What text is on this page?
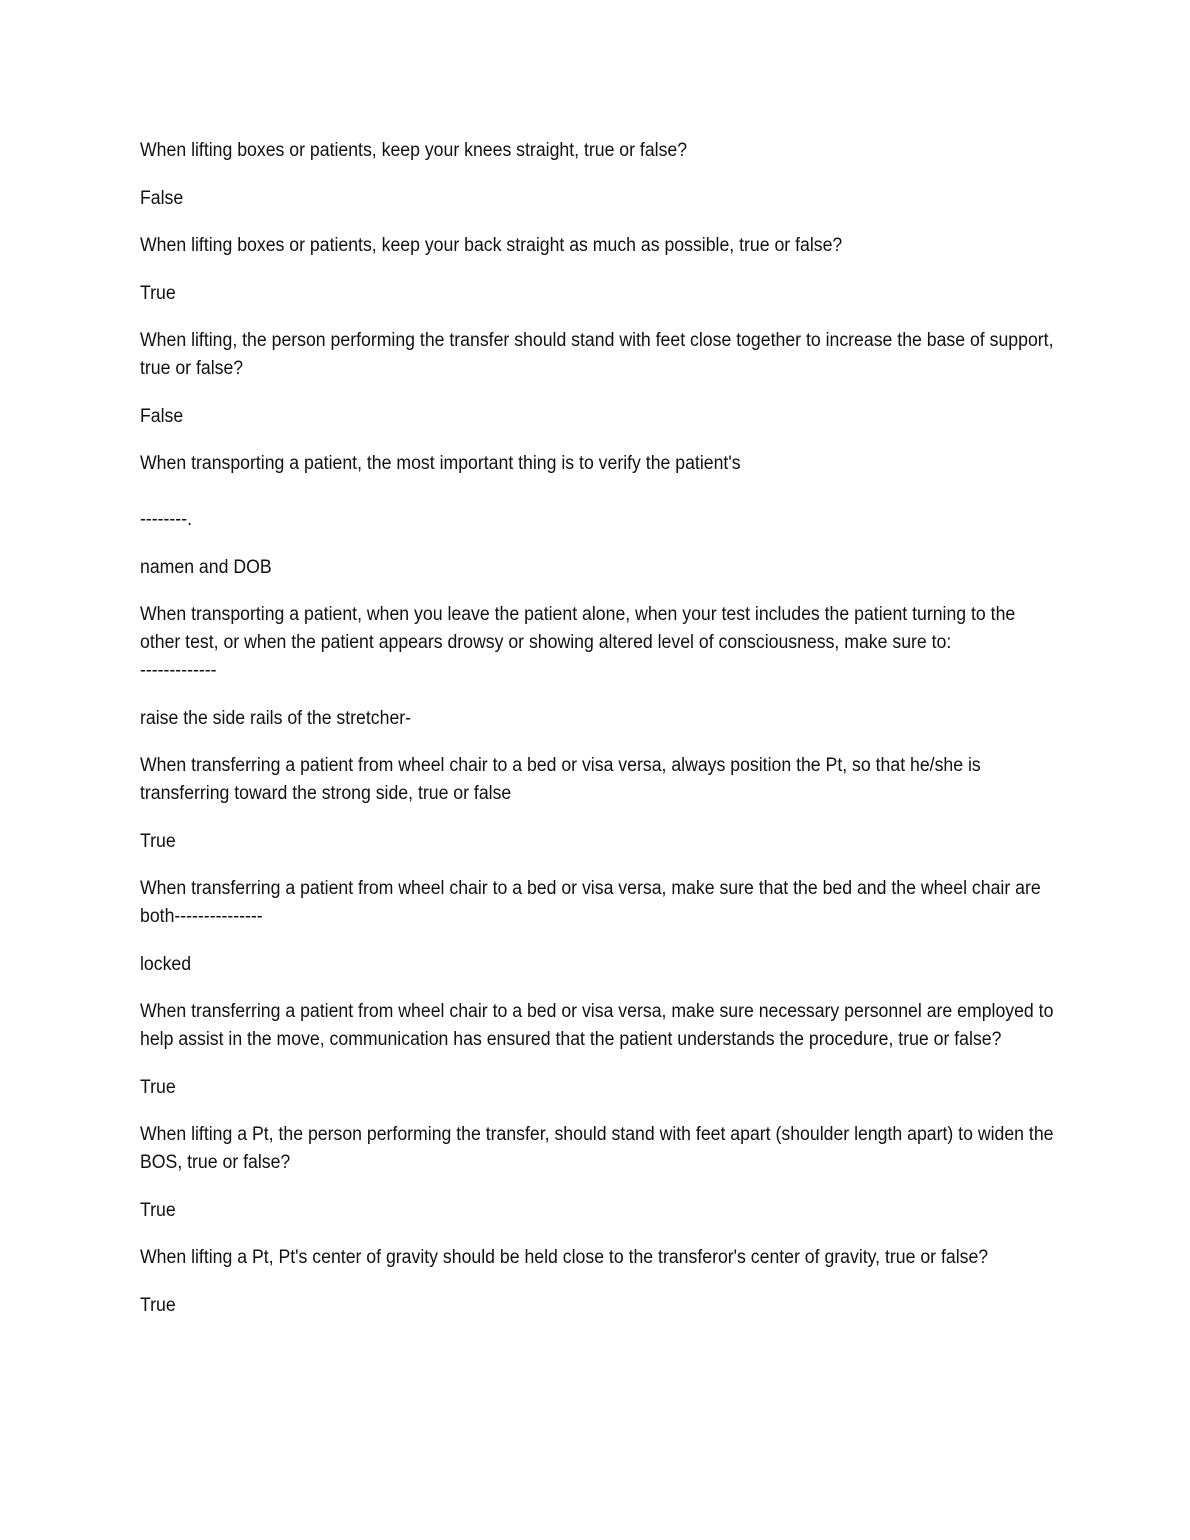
When lifting boxes or patients, keep your knees straight, true or false?

False

When lifting boxes or patients, keep your back straight as much as possible, true or false?

True

When lifting, the person performing the transfer should stand with feet close together to increase the base of support, true or false?

False

When transporting a patient, the most important thing is to verify the patient's

--------.

namen and DOB

When transporting a patient, when you leave the patient alone, when your test includes the patient turning to the other test, or when the patient appears drowsy or showing altered level of consciousness, make sure to:
-------------

raise the side rails of the stretcher-

When transferring a patient from wheel chair to a bed or visa versa, always position the Pt, so that he/she is transferring toward the strong side, true or false

True

When transferring a patient from wheel chair to a bed or visa versa, make sure that the bed and the wheel chair are both---------------

locked

When transferring a patient from wheel chair to a bed or visa versa, make sure necessary personnel are employed to help assist in the move, communication has ensured that the patient understands the procedure, true or false?

True

When lifting a Pt, the person performing the transfer, should stand with feet apart (shoulder length apart) to widen the BOS, true or false?

True

When lifting a Pt, Pt's center of gravity should be held close to the transferor's center of gravity, true or false?

True
